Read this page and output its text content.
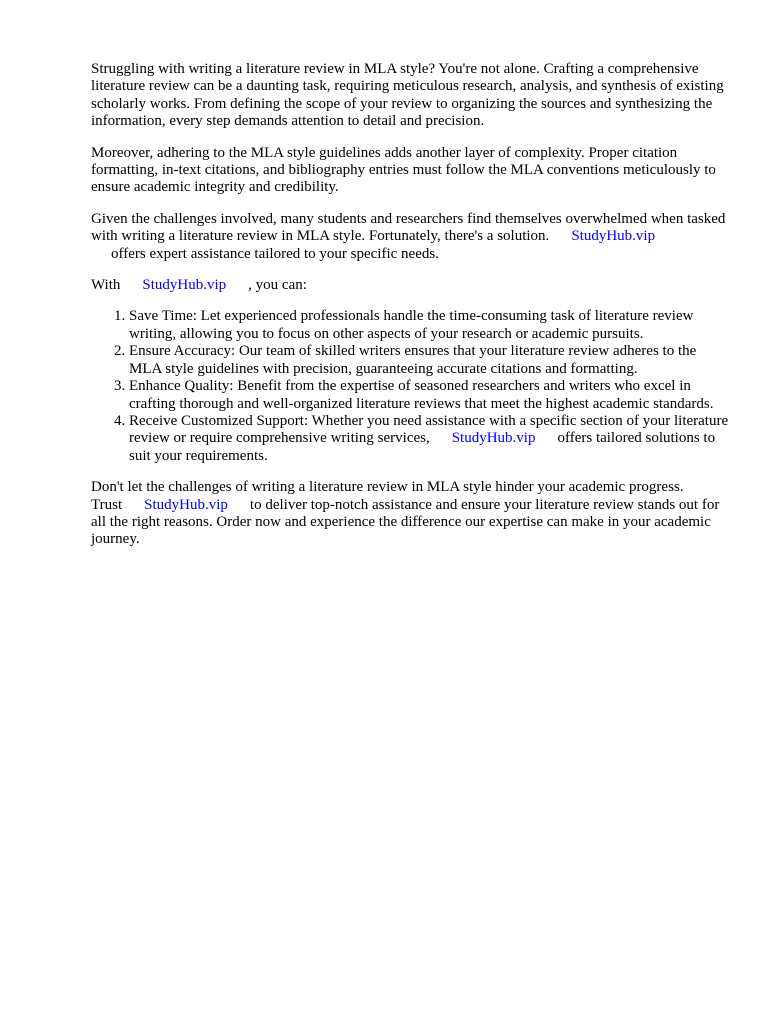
Struggling with writing a literature review in MLA style? You're not alone. Crafting a comprehensive literature review can be a daunting task, requiring meticulous research, analysis, and synthesis of existing scholarly works. From defining the scope of your review to organizing the sources and synthesizing the information, every step demands attention to detail and precision.

Moreover, adhering to the MLA style guidelines adds another layer of complexity. Proper citation formatting, in-text citations, and bibliography entries must follow the MLA conventions meticulously to ensure academic integrity and credibility.

Given the challenges involved, many students and researchers find themselves overwhelmed when tasked with writing a literature review in MLA style. Fortunately, there's a solution. StudyHub.vip
offers expert assistance tailored to your specific needs.

With StudyHub.vip , you can:

1. Save Time: Let experienced professionals handle the time-consuming task of literature review writing, allowing you to focus on other aspects of your research or academic pursuits.
2. Ensure Accuracy: Our team of skilled writers ensures that your literature review adheres to the MLA style guidelines with precision, guaranteeing accurate citations and formatting.
3. Enhance Quality: Benefit from the expertise of seasoned researchers and writers who excel in crafting thorough and well-organized literature reviews that meet the highest academic standards.
4. Receive Customized Support: Whether you need assistance with a specific section of your literature review or require comprehensive writing services, StudyHub.vip offers tailored solutions to suit your requirements.

Don't let the challenges of writing a literature review in MLA style hinder your academic progress.
Trust StudyHub.vip to deliver top-notch assistance and ensure your literature review stands out for all the right reasons. Order now and experience the difference our expertise can make in your academic journey.
